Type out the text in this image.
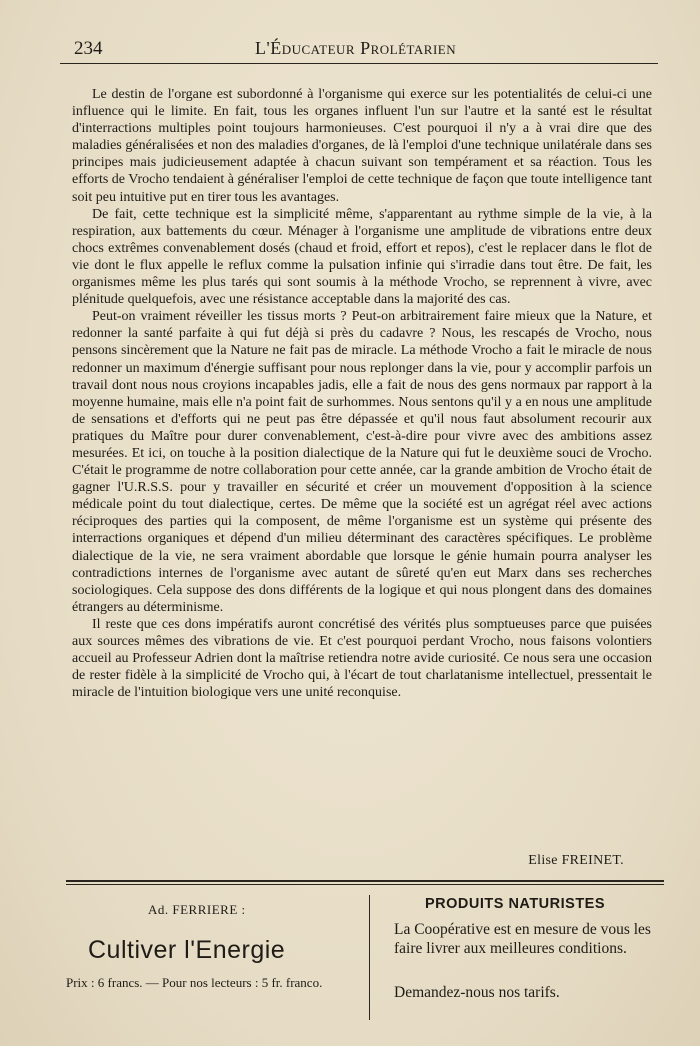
234	L'Éducateur Prolétarien

Le destin de l'organe est subordonné à l'organisme qui exerce sur les potentialités de celui-ci une influence qui le limite. En fait, tous les organes influent l'un sur l'autre et la santé est le résultat d'interractions multiples point toujours harmonieuses. C'est pourquoi il n'y a à vrai dire que des maladies généralisées et non des maladies d'organes, de là l'emploi d'une technique unilatérale dans ses principes mais judicieusement adaptée à chacun suivant son tempérament et sa réaction. Tous les efforts de Vrocho tendaient à généraliser l'emploi de cette technique de façon que toute intelligence tant soit peu intuitive put en tirer tous les avantages.

De fait, cette technique est la simplicité même, s'apparentant au rythme simple de la vie, à la respiration, aux battements du cœur. Ménager à l'organisme une amplitude de vibrations entre deux chocs extrêmes convenablement dosés (chaud et froid, effort et repos), c'est le replacer dans le flot de vie dont le flux appelle le reflux comme la pulsation infinie qui s'irradie dans tout être. De fait, les organismes même les plus tarés qui sont soumis à la méthode Vrocho, se reprennent à vivre, avec plénitude quelquefois, avec une résistance acceptable dans la majorité des cas.

Peut-on vraiment réveiller les tissus morts ? Peut-on arbitrairement faire mieux que la Nature, et redonner la santé parfaite à qui fut déjà si près du cadavre ? Nous, les rescapés de Vrocho, nous pensons sincèrement que la Nature ne fait pas de miracle. La méthode Vrocho a fait le miracle de nous redonner un maximum d'énergie suffisant pour nous replonger dans la vie, pour y accomplir parfois un travail dont nous nous croyions incapables jadis, elle a fait de nous des gens normaux par rapport à la moyenne humaine, mais elle n'a point fait de surhommes. Nous sentons qu'il y a en nous une amplitude de sensations et d'efforts qui ne peut pas être dépassée et qu'il nous faut absolument recourir aux pratiques du Maître pour durer convenablement, c'est-à-dire pour vivre avec des ambitions assez mesurées. Et ici, on touche à la position dialectique de la Nature qui fut le deuxième souci de Vrocho. C'était le programme de notre collaboration pour cette année, car la grande ambition de Vrocho était de gagner l'U.R.S.S. pour y travailler en sécurité et créer un mouvement d'opposition à la science médicale point du tout dialectique, certes. De même que la société est un agrégat réel avec actions réciproques des parties qui la composent, de même l'organisme est un système qui présente des interractions organiques et dépend d'un milieu déterminant des caractères spécifiques. Le problème dialectique de la vie, ne sera vraiment abordable que lorsque le génie humain pourra analyser les contradictions internes de l'organisme avec autant de sûreté qu'en eut Marx dans ses recherches sociologiques. Cela suppose des dons différents de la logique et qui nous plongent dans des domaines étrangers au déterminisme.

Il reste que ces dons impératifs auront concrétisé des vérités plus somptueuses parce que puisées aux sources mêmes des vibrations de vie. Et c'est pourquoi perdant Vrocho, nous faisons volontiers accueil au Professeur Adrien dont la maîtrise retiendra notre avide curiosité. Ce nous sera une occasion de rester fidèle à la simplicité de Vrocho qui, à l'écart de tout charlatanisme intellectuel, pressentait le miracle de l'intuition biologique vers une unité reconquise.

Elise FREINET.
Ad. FERRIERE :
Cultiver l'Energie
Prix : 6 francs. — Pour nos lecteurs : 5 fr. franco.
PRODUITS NATURISTES
La Coopérative est en mesure de vous les faire livrer aux meilleures conditions.
Demandez-nous nos tarifs.
